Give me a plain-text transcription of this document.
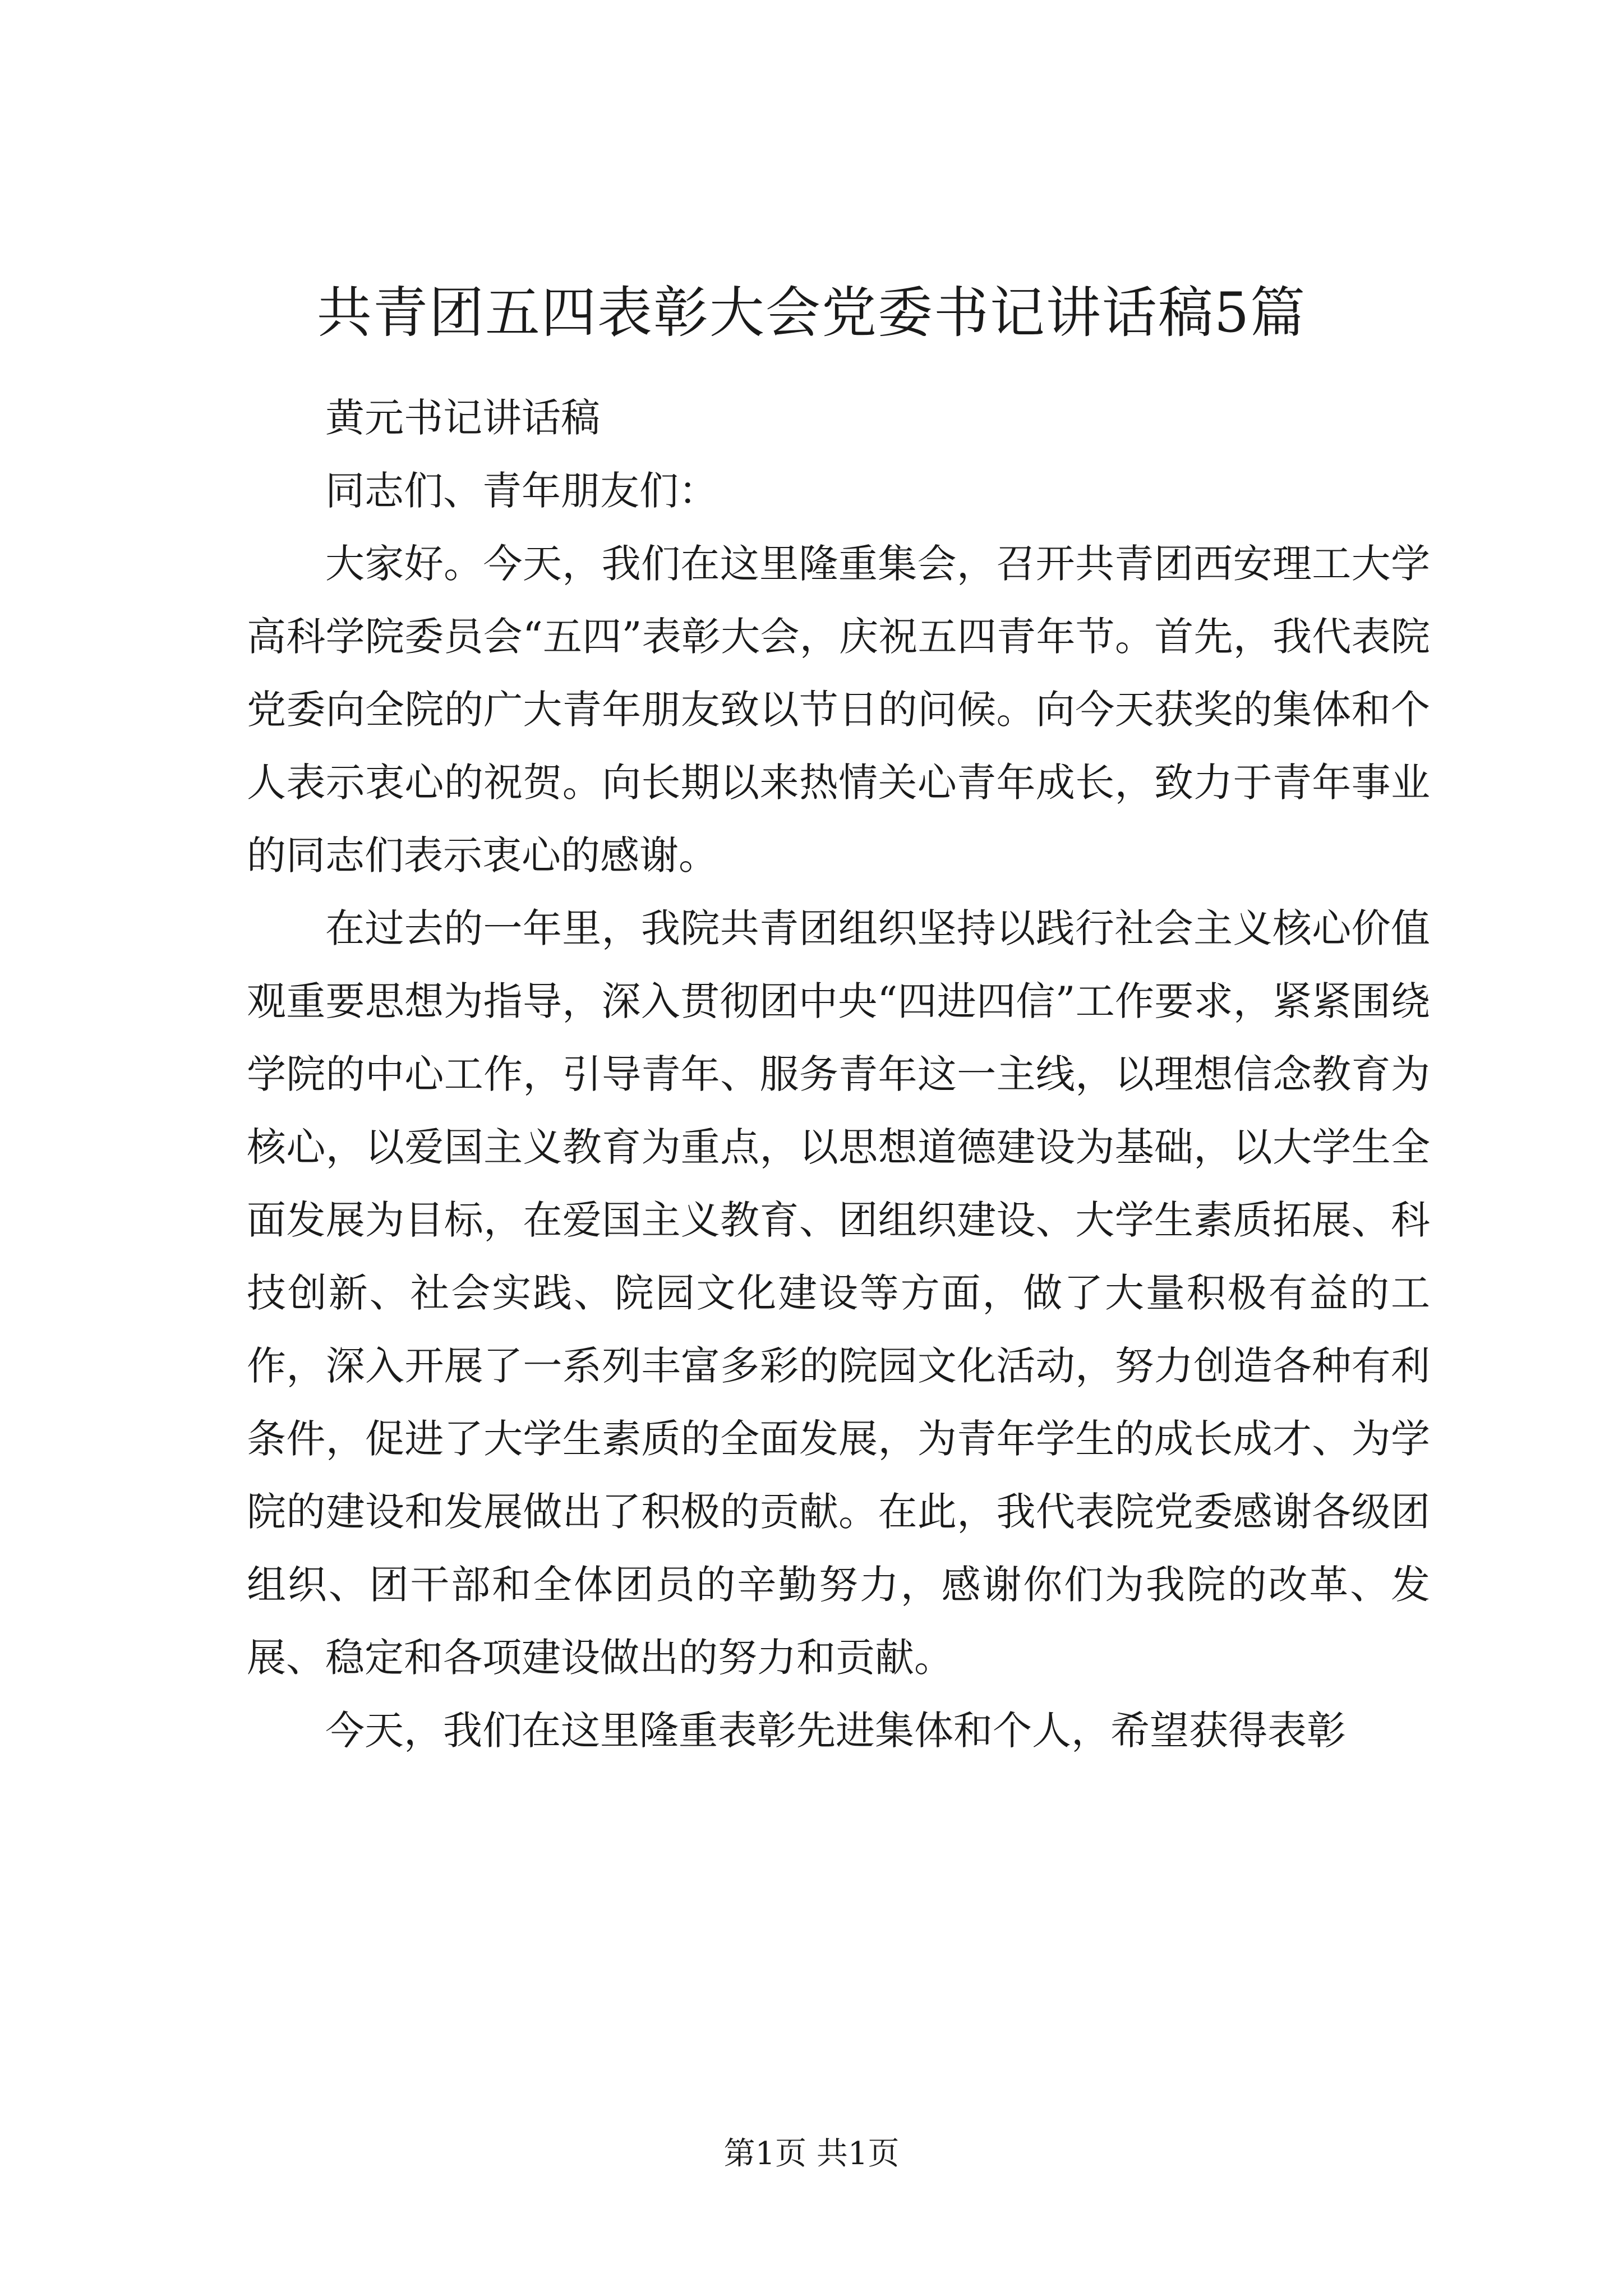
共青团五四表彰大会党委书记讲话稿5篇

黄元书记讲话稿

同志们、青年朋友们：

大家好。今天，我们在这里隆重集会，召开共青团西安理工大学高科学院委员会“五四”表彰大会，庆祝五四青年节。首先，我代表院党委向全院的广大青年朋友致以节日的问候。向今天获奖的集体和个人表示衷心的祝贺。向长期以来热情关心青年成长，致力于青年事业的同志们表示衷心的感谢。

在过去的一年里，我院共青团组织坚持以践行社会主义核心价值观重要思想为指导，深入贯彻团中央“四进四信”工作要求，紧紧围绕学院的中心工作，引导青年、服务青年这一主线，以理想信念教育为核心，以爱国主义教育为重点，以思想道德建设为基础，以大学生全面发展为目标，在爱国主义教育、团组织建设、大学生素质拓展、科技创新、社会实践、院园文化建设等方面，做了大量积极有益的工作，深入开展了一系列丰富多彩的院园文化活动，努力创造各种有利条件，促进了大学生素质的全面发展，为青年学生的成长成才、为学院的建设和发展做出了积极的贡献。在此，我代表院党委感谢各级团组织、团干部和全体团员的辛勤努力，感谢你们为我院的改革、发展、稳定和各项建设做出的努力和贡献。

今天，我们在这里隆重表彰先进集体和个人，希望获得表彰

第1页 共1页
